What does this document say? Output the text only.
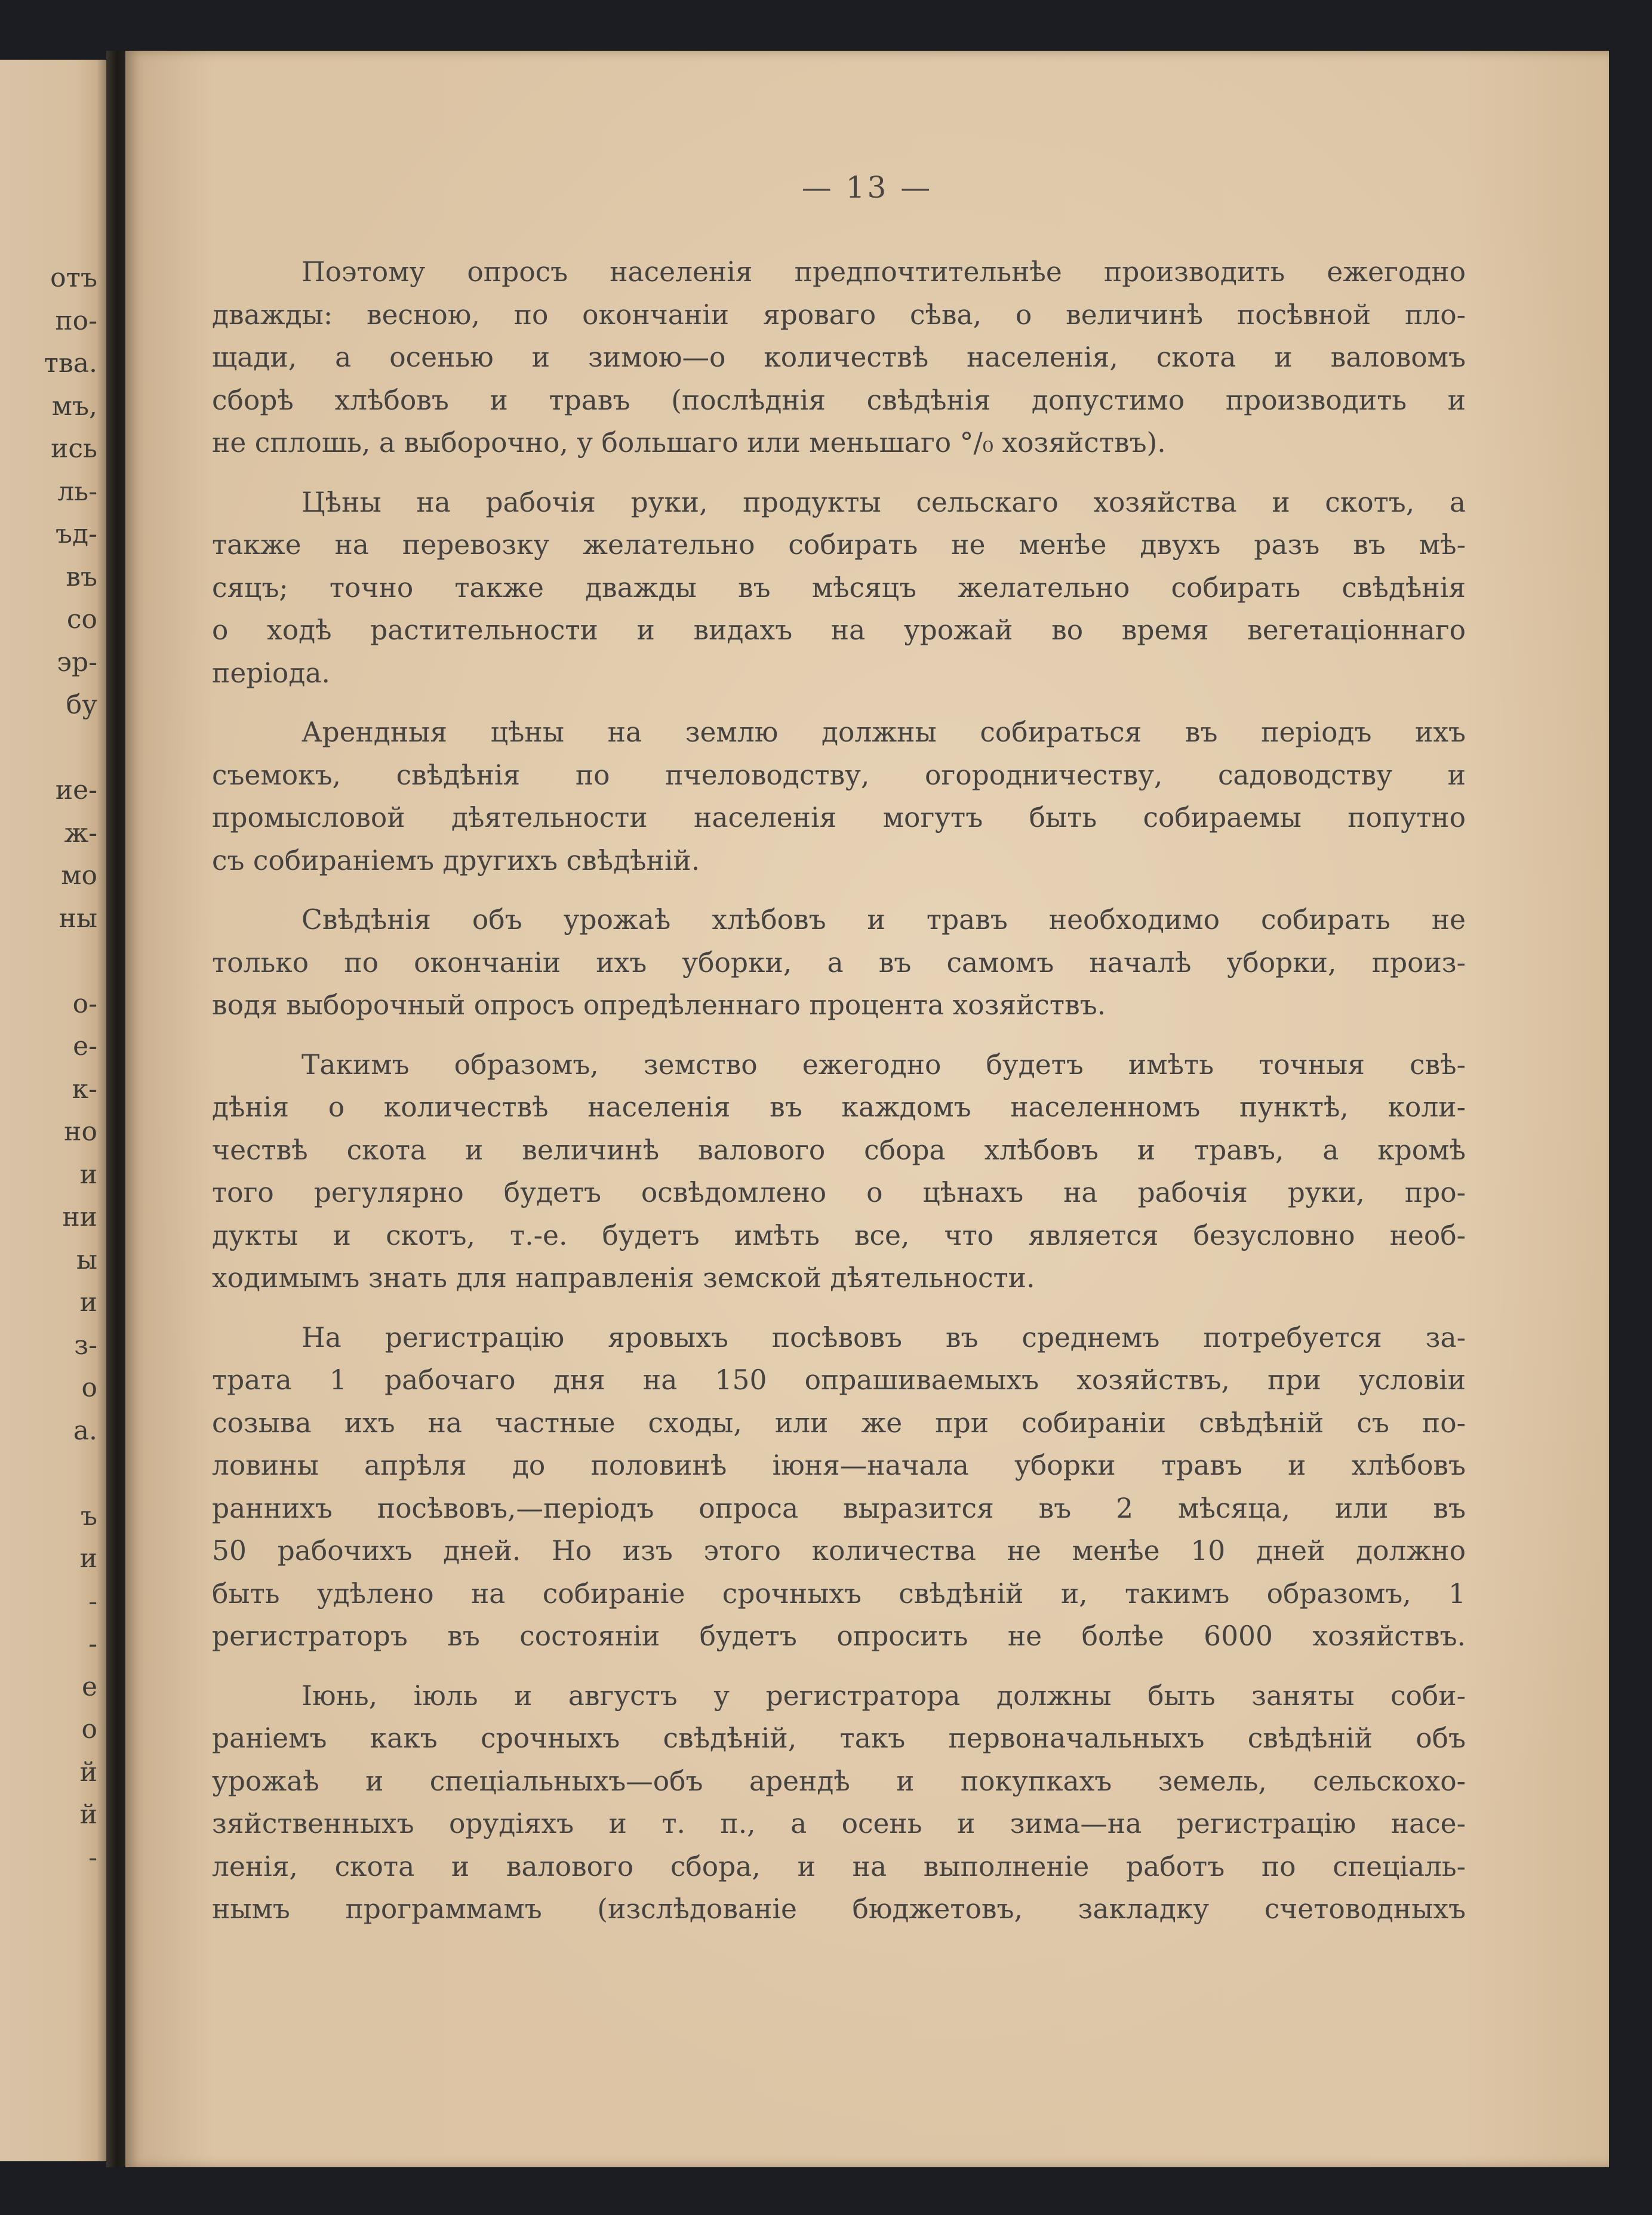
отъ
по-
тва.
мъ,
ись
ль-
ъд-
въ
со
эр-
бу
ие-
ж-
мо
ны
о-
е-
к-
но
и
ни
ы
и
з-
о
а.
ъ
и
-
-
е
о
й
й
-
— 13 —
Поэтому опросъ населенія предпочтительнѣе производить ежегодно
дважды: весною, по окончаніи яроваго сѣва, о величинѣ посѣвной пло-
щади, а осенью и зимою—о количествѣ населенія, скота и валовомъ
сборѣ хлѣбовъ и травъ (послѣднія свѣдѣнія допустимо производить и
не сплошь, а выборочно, у большаго или меньшаго °/₀ хозяйствъ).
Цѣны на рабочія руки, продукты сельскаго хозяйства и скотъ, а
также на перевозку желательно собирать не менѣе двухъ разъ въ мѣ-
сяцъ; точно также дважды въ мѣсяцъ желательно собирать свѣдѣнія
о ходѣ растительности и видахъ на урожай во время вегетаціоннаго
періода.
Арендныя цѣны на землю должны собираться въ періодъ ихъ
съемокъ, свѣдѣнія по пчеловодству, огородничеству, садоводству и
промысловой дѣятельности населенія могутъ быть собираемы попутно
съ собираніемъ другихъ свѣдѣній.
Свѣдѣнія объ урожаѣ хлѣбовъ и травъ необходимо собирать не
только по окончаніи ихъ уборки, а въ самомъ началѣ уборки, произ-
водя выборочный опросъ опредѣленнаго процента хозяйствъ.
Такимъ образомъ, земство ежегодно будетъ имѣть точныя свѣ-
дѣнія о количествѣ населенія въ каждомъ населенномъ пунктѣ, коли-
чествѣ скота и величинѣ валового сбора хлѣбовъ и травъ, а кромѣ
того регулярно будетъ освѣдомлено о цѣнахъ на рабочія руки, про-
дукты и скотъ, т.-е. будетъ имѣть все, что является безусловно необ-
ходимымъ знать для направленія земской дѣятельности.
На регистрацію яровыхъ посѣвовъ въ среднемъ потребуется за-
трата 1 рабочаго дня на 150 опрашиваемыхъ хозяйствъ, при условіи
созыва ихъ на частные сходы, или же при собираніи свѣдѣній съ по-
ловины апрѣля до половинѣ іюня—начала уборки травъ и хлѣбовъ
раннихъ посѣвовъ,—періодъ опроса выразится въ 2 мѣсяца, или въ
50 рабочихъ дней. Но изъ этого количества не менѣе 10 дней должно
быть удѣлено на собираніе срочныхъ свѣдѣній и, такимъ образомъ, 1
регистраторъ въ состояніи будетъ опросить не болѣе 6000 хозяйствъ.
Іюнь, іюль и августъ у регистратора должны быть заняты соби-
раніемъ какъ срочныхъ свѣдѣній, такъ первоначальныхъ свѣдѣній объ
урожаѣ и спеціальныхъ—объ арендѣ и покупкахъ земель, сельскохо-
зяйственныхъ орудіяхъ и т. п., а осень и зима—на регистрацію насе-
ленія, скота и валового сбора, и на выполненіе работъ по спеціаль-
нымъ программамъ (изслѣдованіе бюджетовъ, закладку счетоводныхъ
